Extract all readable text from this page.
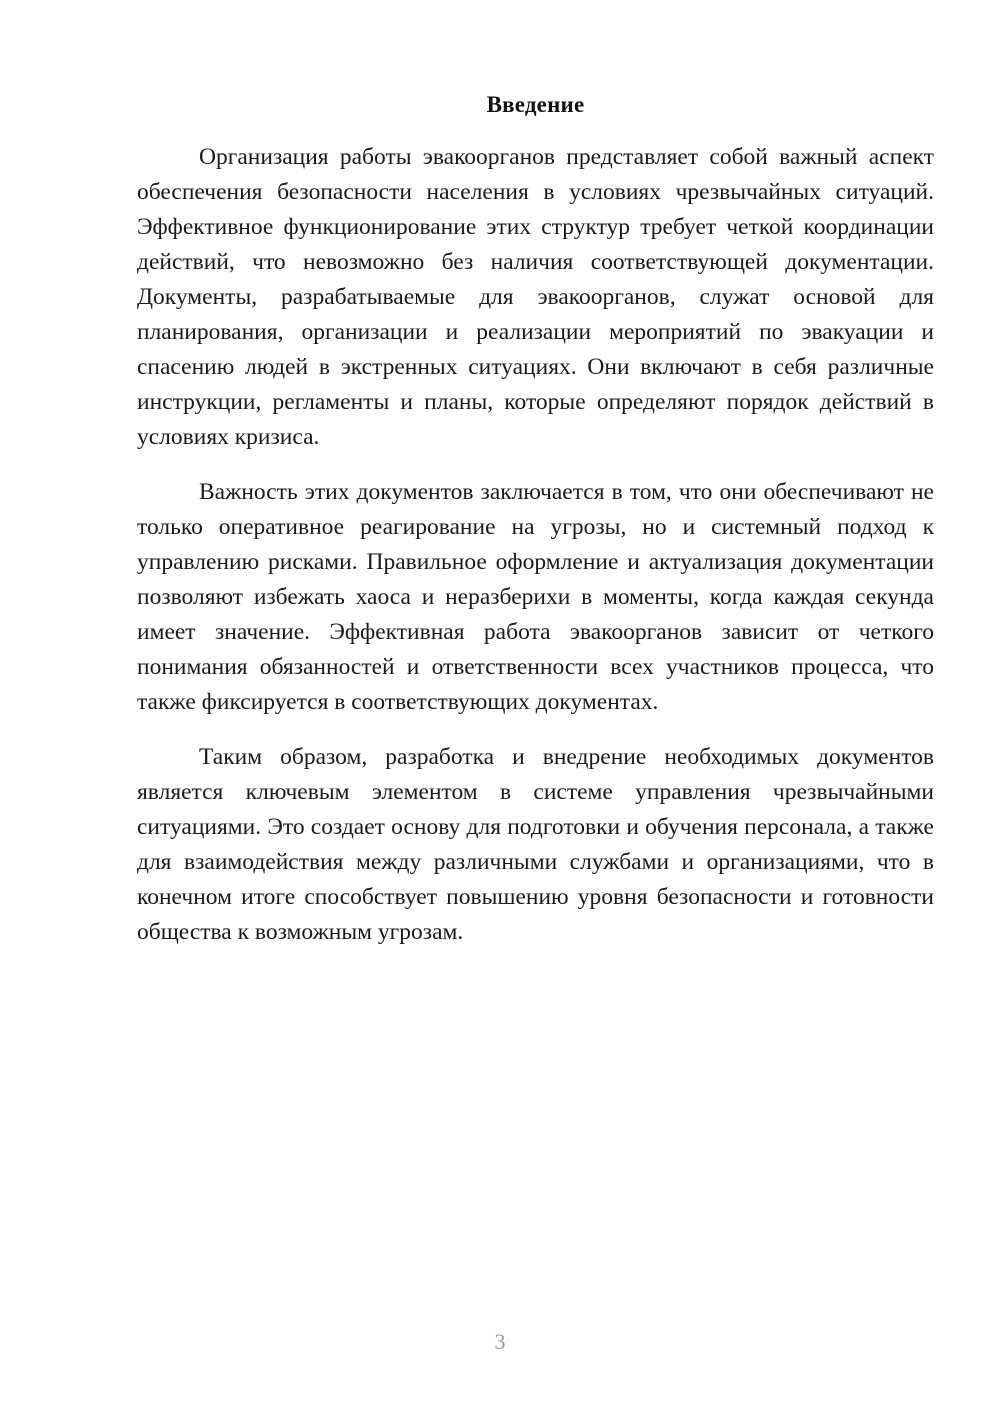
Введение

Организация работы эвакоорганов представляет собой важный аспект обеспечения безопасности населения в условиях чрезвычайных ситуаций. Эффективное функционирование этих структур требует четкой координации действий, что невозможно без наличия соответствующей документации. Документы, разрабатываемые для эвакоорганов, служат основой для планирования, организации и реализации мероприятий по эвакуации и спасению людей в экстренных ситуациях. Они включают в себя различные инструкции, регламенты и планы, которые определяют порядок действий в условиях кризиса.

Важность этих документов заключается в том, что они обеспечивают не только оперативное реагирование на угрозы, но и системный подход к управлению рисками. Правильное оформление и актуализация документации позволяют избежать хаоса и неразберихи в моменты, когда каждая секунда имеет значение. Эффективная работа эвакоорганов зависит от четкого понимания обязанностей и ответственности всех участников процесса, что также фиксируется в соответствующих документах.

Таким образом, разработка и внедрение необходимых документов является ключевым элементом в системе управления чрезвычайными ситуациями. Это создает основу для подготовки и обучения персонала, а также для взаимодействия между различными службами и организациями, что в конечном итоге способствует повышению уровня безопасности и готовности общества к возможным угрозам.

3
